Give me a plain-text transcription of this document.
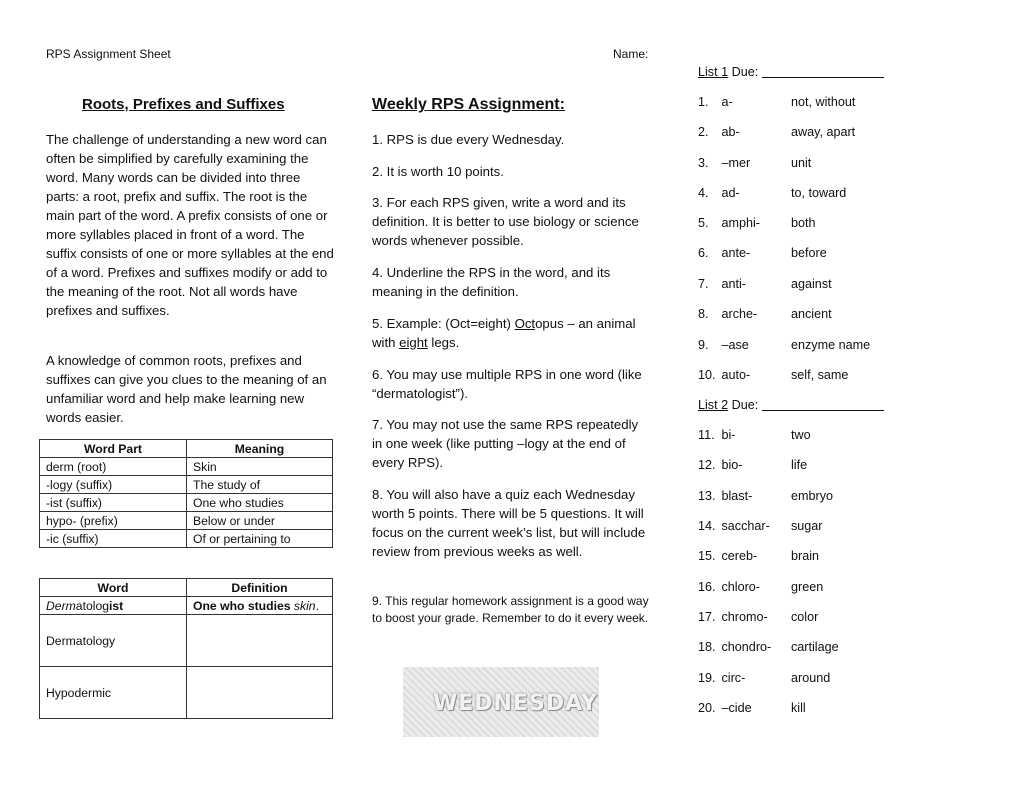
RPS Assignment Sheet	Name:
Roots, Prefixes and Suffixes
The challenge of understanding a new word can often be simplified by carefully examining the word. Many words can be divided into three parts: a root, prefix and suffix. The root is the main part of the word. A prefix consists of one or more syllables placed in front of a word. The suffix consists of one or more syllables at the end of a word. Prefixes and suffixes modify or add to the meaning of the root. Not all words have prefixes and suffixes.
A knowledge of common roots, prefixes and suffixes can give you clues to the meaning of an unfamiliar word and help make learning new words easier.
Word Part	Meaning
derm (root)	Skin
-logy (suffix)	The study of
-ist (suffix)	One who studies
hypo- (prefix)	Below or under
-ic (suffix)	Of or pertaining to
Word	Definition
Dermatologist	One who studies skin.
Dermatology	
Hypodermic	
Weekly RPS Assignment:
1. RPS is due every Wednesday.
2. It is worth 10 points.
3. For each RPS given, write a word and its definition. It is better to use biology or science words whenever possible.
4. Underline the RPS in the word, and its meaning in the definition.
5. Example: (Oct=eight) Octopus – an animal with eight legs.
6. You may use multiple RPS in one word (like “dermatologist”).
7. You may not use the same RPS repeatedly in one week (like putting –logy at the end of every RPS).
8. You will also have a quiz each Wednesday worth 5 points. There will be 5 questions. It will focus on the current week’s list, but will include review from previous weeks as well.
9. This regular homework assignment is a good way to boost your grade. Remember to do it every week.
WEDNESDAY
List 1 Due:
1. a-	not, without
2. ab-	away, apart
3. –mer	unit
4. ad-	to, toward
5. amphi- both
6. ante-	before
7. anti-	against
8. arche-	ancient
9. –ase	enzyme name
10. auto-	self, same
List 2 Due:
11. bi-	two
12. bio-	life
13. blast-	embryo
14. sacchar- sugar
15. cereb-	brain
16. chloro- green
17. chromo- color
18. chondro- cartilage
19. circ-	around
20. –cide	kill
